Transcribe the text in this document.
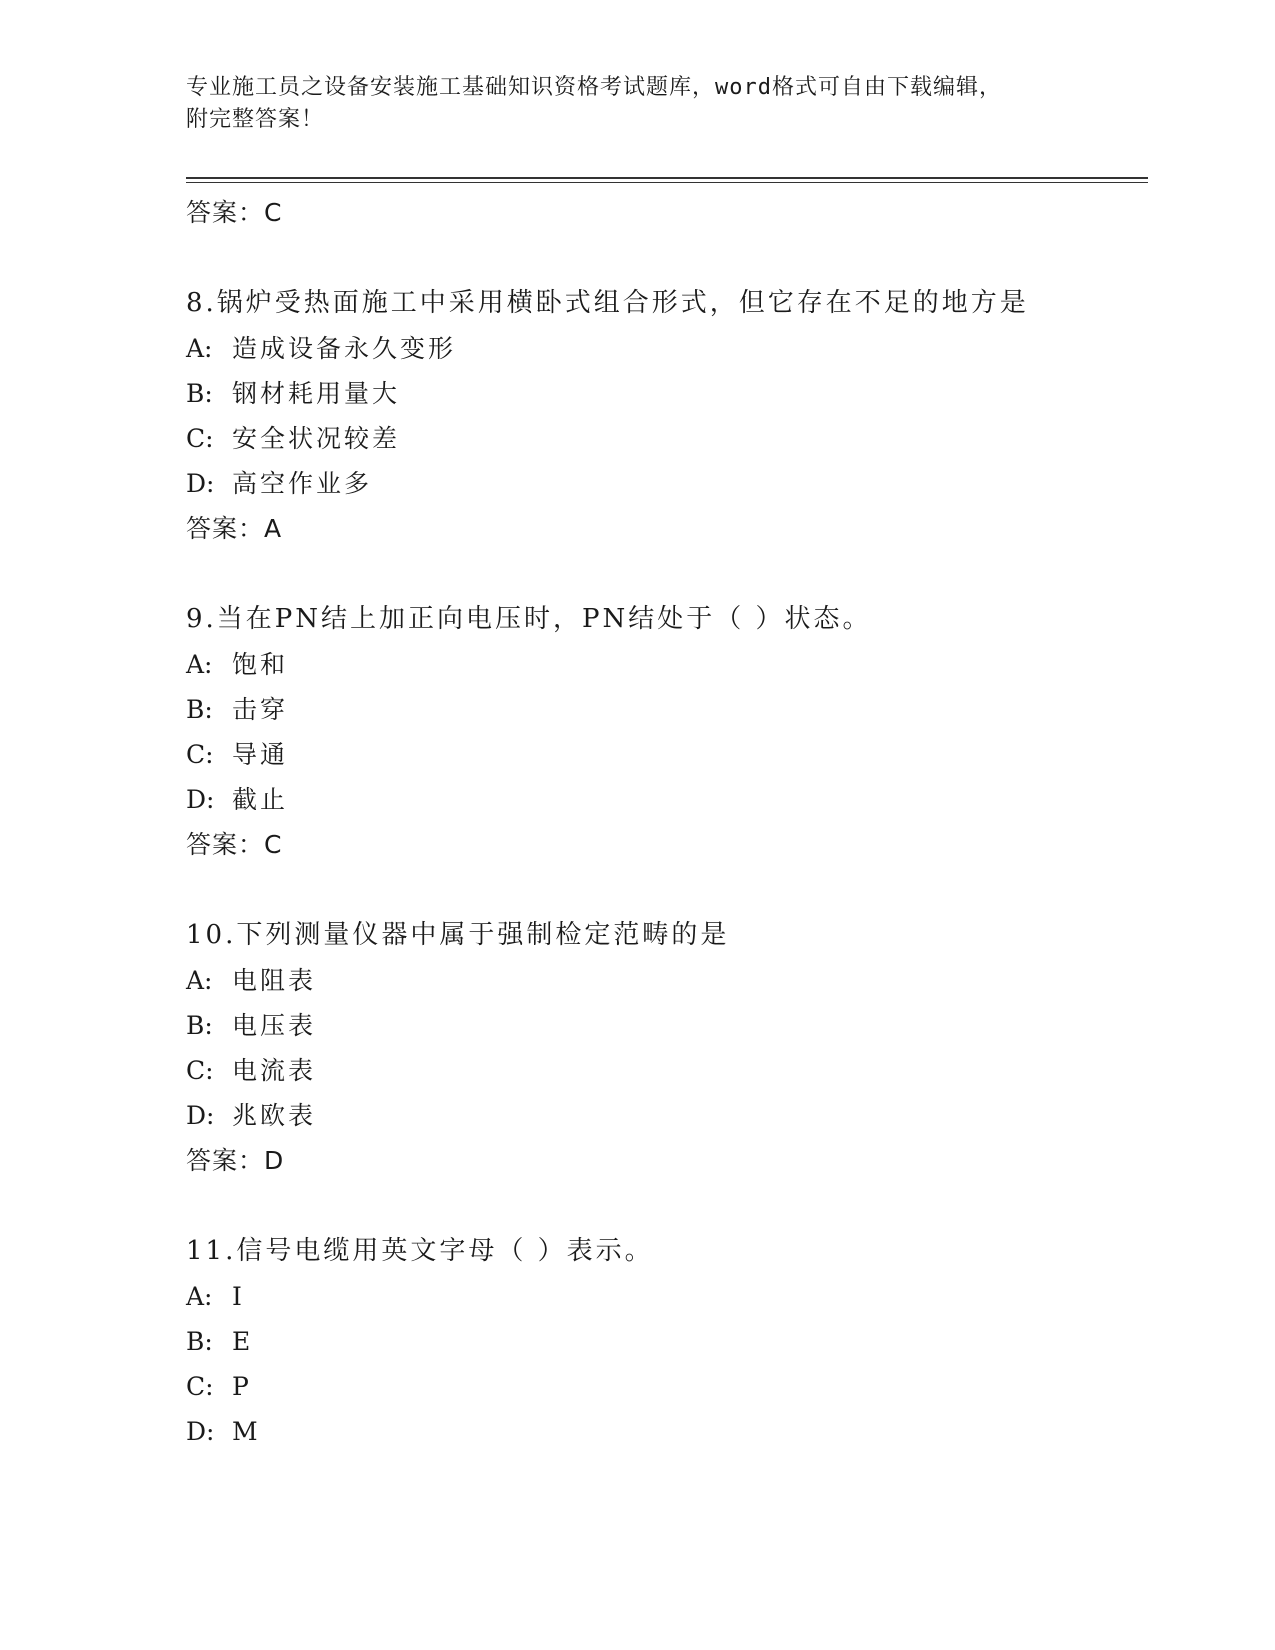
专业施工员之设备安装施工基础知识资格考试题库，word格式可自由下载编辑，
附完整答案！
答案：C
8.锅炉受热面施工中采用横卧式组合形式，但它存在不足的地方是
A: 造成设备永久变形
B: 钢材耗用量大
C: 安全状况较差
D: 高空作业多
答案：A
9.当在PN结上加正向电压时，PN结处于（ ）状态。
A: 饱和
B: 击穿
C: 导通
D: 截止
答案：C
10.下列测量仪器中属于强制检定范畴的是
A: 电阻表
B: 电压表
C: 电流表
D: 兆欧表
答案：D
11.信号电缆用英文字母（ ）表示。
A: I
B: E
C: P
D: M
